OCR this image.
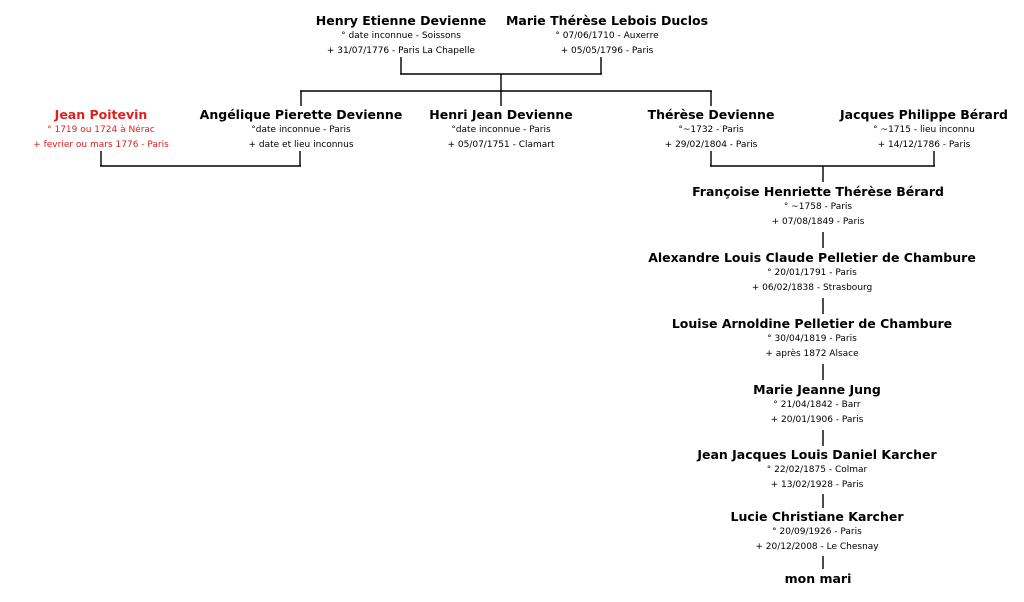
Henry Etienne Devienne
° date inconnue - Soissons
+ 31/07/1776 - Paris La Chapelle
Marie Thérèse Lebois Duclos
° 07/06/1710 - Auxerre
+ 05/05/1796 - Paris
Jean Poitevin
° 1719 ou 1724 à Nérac
+ fevrier ou mars 1776 - Paris
Angélique Pierette Devienne
°date inconnue - Paris
+ date et lieu inconnus
Henri Jean Devienne
°date inconnue - Paris
+ 05/07/1751 - Clamart
Thérèse Devienne
°~1732 - Paris
+ 29/02/1804 - Paris
Jacques Philippe Bérard
° ~1715 - lieu inconnu
+ 14/12/1786 - Paris
Françoise Henriette Thérèse Bérard
° ~1758 - Paris
+ 07/08/1849 - Paris
Alexandre Louis Claude Pelletier de Chambure
° 20/01/1791 - Paris
+ 06/02/1838 - Strasbourg
Louise Arnoldine Pelletier de Chambure
° 30/04/1819 - Paris
+ après 1872 Alsace
Marie Jeanne Jung
° 21/04/1842 - Barr
+ 20/01/1906 - Paris
Jean Jacques Louis Daniel Karcher
° 22/02/1875 - Colmar
+ 13/02/1928 - Paris
Lucie Christiane Karcher
° 20/09/1926 - Paris
+ 20/12/2008 - Le Chesnay
mon mari
